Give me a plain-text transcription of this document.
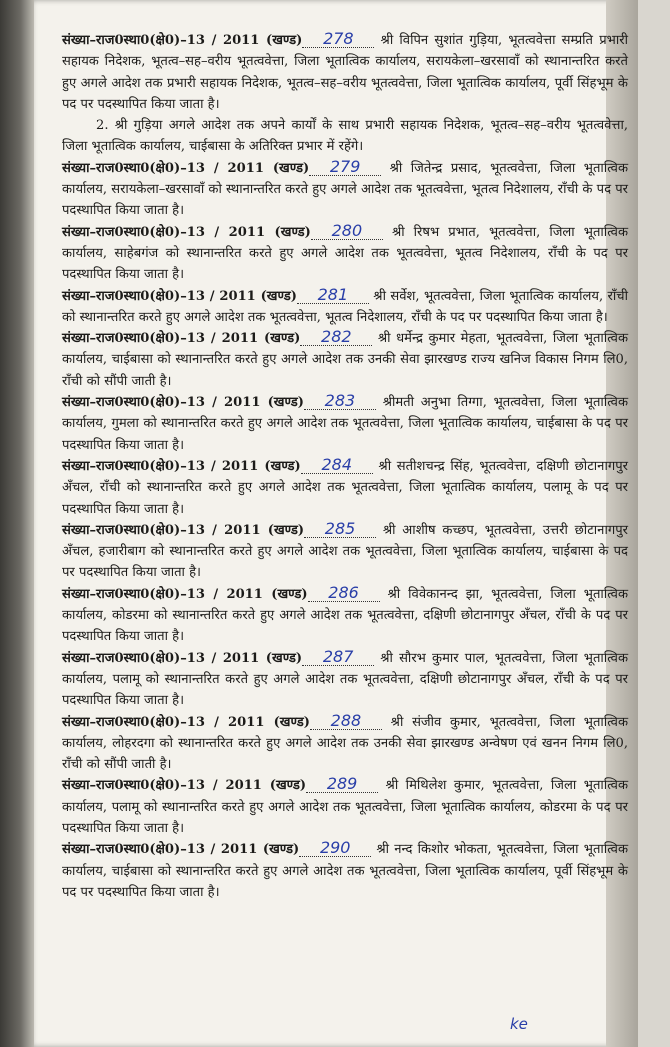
संख्या–राज0स्था0(क्षे0)–13 / 2011 (खण्ड) 278 श्री विपिन सुशांत गुड़िया, भूतत्ववेत्ता सम्प्रति प्रभारी सहायक निदेशक, भूतत्व–सह–वरीय भूतत्ववेत्ता, जिला भूतात्विक कार्यालय, सरायकेला–खरसावाँ को स्थानान्तरित करते हुए अगले आदेश तक प्रभारी सहायक निदेशक, भूतत्व–सह–वरीय भूतत्ववेत्ता, जिला भूतात्विक कार्यालय, पूर्वी सिंहभूम के पद पर पदस्थापित किया जाता है।

2. श्री गुड़िया अगले आदेश तक अपने कार्यों के साथ प्रभारी सहायक निदेशक, भूतत्व–सह–वरीय भूतत्ववेत्ता, जिला भूतात्विक कार्यालय, चाईबासा के अतिरिक्त प्रभार में रहेंगे।

संख्या–राज0स्था0(क्षे0)–13 / 2011 (खण्ड) 279 श्री जितेन्द्र प्रसाद, भूतत्ववेत्ता, जिला भूतात्विक कार्यालय, सरायकेला–खरसावाँ को स्थानान्तरित करते हुए अगले आदेश तक भूतत्ववेत्ता, भूतत्व निदेशालय, राँची के पद पर पदस्थापित किया जाता है।

संख्या–राज0स्था0(क्षे0)–13 / 2011 (खण्ड) 280 श्री रिषभ प्रभात, भूतत्ववेत्ता, जिला भूतात्विक कार्यालय, साहेबगंज को स्थानान्तरित करते हुए अगले आदेश तक भूतत्ववेत्ता, भूतत्व निदेशालय, राँची के पद पर पदस्थापित किया जाता है।

संख्या–राज0स्था0(क्षे0)–13 / 2011 (खण्ड) 281 श्री सर्वेश, भूतत्ववेत्ता, जिला भूतात्विक कार्यालय, राँची को स्थानान्तरित करते हुए अगले आदेश तक भूतत्ववेत्ता, भूतत्व निदेशालय, राँची के पद पर पदस्थापित किया जाता है।

संख्या–राज0स्था0(क्षे0)–13 / 2011 (खण्ड) 282 श्री धर्मेन्द्र कुमार मेहता, भूतत्ववेत्ता, जिला भूतात्विक कार्यालय, चाईबासा को स्थानान्तरित करते हुए अगले आदेश तक उनकी सेवा झारखण्ड राज्य खनिज विकास निगम लि0, राँची को सौंपी जाती है।

संख्या–राज0स्था0(क्षे0)–13 / 2011 (खण्ड) 283 श्रीमती अनुभा तिग्गा, भूतत्ववेत्ता, जिला भूतात्विक कार्यालय, गुमला को स्थानान्तरित करते हुए अगले आदेश तक भूतत्ववेत्ता, जिला भूतात्विक कार्यालय, चाईबासा के पद पर पदस्थापित किया जाता है।

संख्या–राज0स्था0(क्षे0)–13 / 2011 (खण्ड) 284 श्री सतीशचन्द्र सिंह, भूतत्ववेत्ता, दक्षिणी छोटानागपुर अँचल, राँची को स्थानान्तरित करते हुए अगले आदेश तक भूतत्ववेत्ता, जिला भूतात्विक कार्यालय, पलामू के पद पर पदस्थापित किया जाता है।

संख्या–राज0स्था0(क्षे0)–13 / 2011 (खण्ड) 285 श्री आशीष कच्छप, भूतत्ववेत्ता, उत्तरी छोटानागपुर अँचल, हजारीबाग को स्थानान्तरित करते हुए अगले आदेश तक भूतत्ववेत्ता, जिला भूतात्विक कार्यालय, चाईबासा के पद पर पदस्थापित किया जाता है।

संख्या–राज0स्था0(क्षे0)–13 / 2011 (खण्ड) 286 श्री विवेकानन्द झा, भूतत्ववेत्ता, जिला भूतात्विक कार्यालय, कोडरमा को स्थानान्तरित करते हुए अगले आदेश तक भूतत्ववेत्ता, दक्षिणी छोटानागपुर अँचल, राँची के पद पर पदस्थापित किया जाता है।

संख्या–राज0स्था0(क्षे0)–13 / 2011 (खण्ड) 287 श्री सौरभ कुमार पाल, भूतत्ववेत्ता, जिला भूतात्विक कार्यालय, पलामू को स्थानान्तरित करते हुए अगले आदेश तक भूतत्ववेत्ता, दक्षिणी छोटानागपुर अँचल, राँची के पद पर पदस्थापित किया जाता है।

संख्या–राज0स्था0(क्षे0)–13 / 2011 (खण्ड) 288 श्री संजीव कुमार, भूतत्ववेत्ता, जिला भूतात्विक कार्यालय, लोहरदगा को स्थानान्तरित करते हुए अगले आदेश तक उनकी सेवा झारखण्ड अन्वेषण एवं खनन निगम लि0, राँची को सौंपी जाती है।

संख्या–राज0स्था0(क्षे0)–13 / 2011 (खण्ड) 289 श्री मिथिलेश कुमार, भूतत्ववेत्ता, जिला भूतात्विक कार्यालय, पलामू को स्थानान्तरित करते हुए अगले आदेश तक भूतत्ववेत्ता, जिला भूतात्विक कार्यालय, कोडरमा के पद पर पदस्थापित किया जाता है।

संख्या–राज0स्था0(क्षे0)–13 / 2011 (खण्ड) 290 श्री नन्द किशोर भोकता, भूतत्ववेत्ता, जिला भूतात्विक कार्यालय, चाईबासा को स्थानान्तरित करते हुए अगले आदेश तक भूतत्ववेत्ता, जिला भूतात्विक कार्यालय, पूर्वी सिंहभूम के पद पर पदस्थापित किया जाता है।

ke
